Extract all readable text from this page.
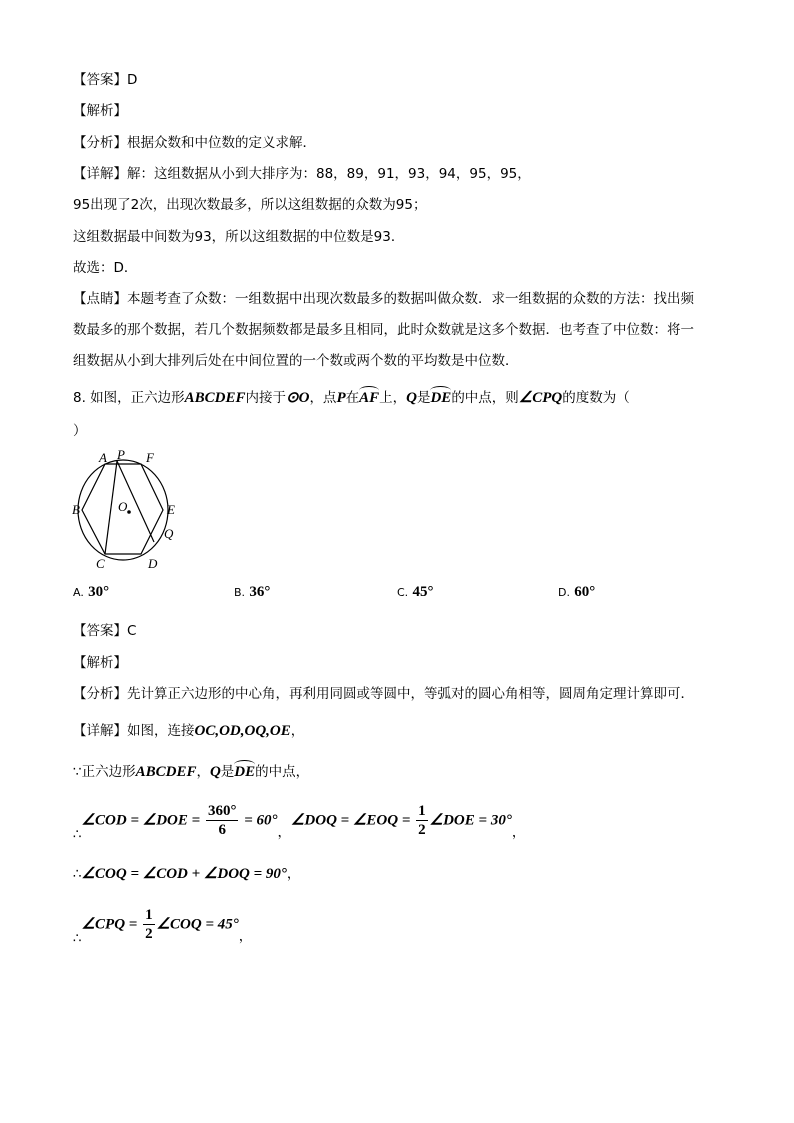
【答案】D
【解析】
【分析】根据众数和中位数的定义求解．
【详解】解：这组数据从小到大排序为：88，89，91，93，94，95，95，
95出现了2次，出现次数最多，所以这组数据的众数为95；
这组数据最中间数为93，所以这组数据的中位数是93．
故选：D．
【点睛】本题考查了众数：一组数据中出现次数最多的数据叫做众数．求一组数据的众数的方法：找出频
数最多的那个数据，若几个数据频数都是最多且相同，此时众数就是这多个数据．也考查了中位数：将一
组数据从小到大排列后处在中间位置的一个数或两个数的平均数是中位数．
8. 如图，正六边形ABCDEF内接于⊙O，点P在AF上，Q是DE的中点，则∠CPQ的度数为（
）
A P F
B	O	E
Q
C	D
A. 30°	B. 36°	C. 45°	D. 60°
【答案】C
【解析】
【分析】先计算正六边形的中心角，再利用同圆或等圆中，等弧对的圆心角相等，圆周角定理计算即可．
【详解】如图，连接OC,OD,OQ,OE，
∵正六边形ABCDEF，Q是DE的中点，
∴∠COD = ∠DOE = $\frac{360^\circ}{6} = 60^\circ$，∠DOQ = ∠EOQ = $\frac{1}{2}$ ∠DOE = 30°，
∴∠COQ = ∠COD + ∠DOQ = 90°，
∴∠CPQ = $\frac{1}{2}$ ∠COQ = 45°，
